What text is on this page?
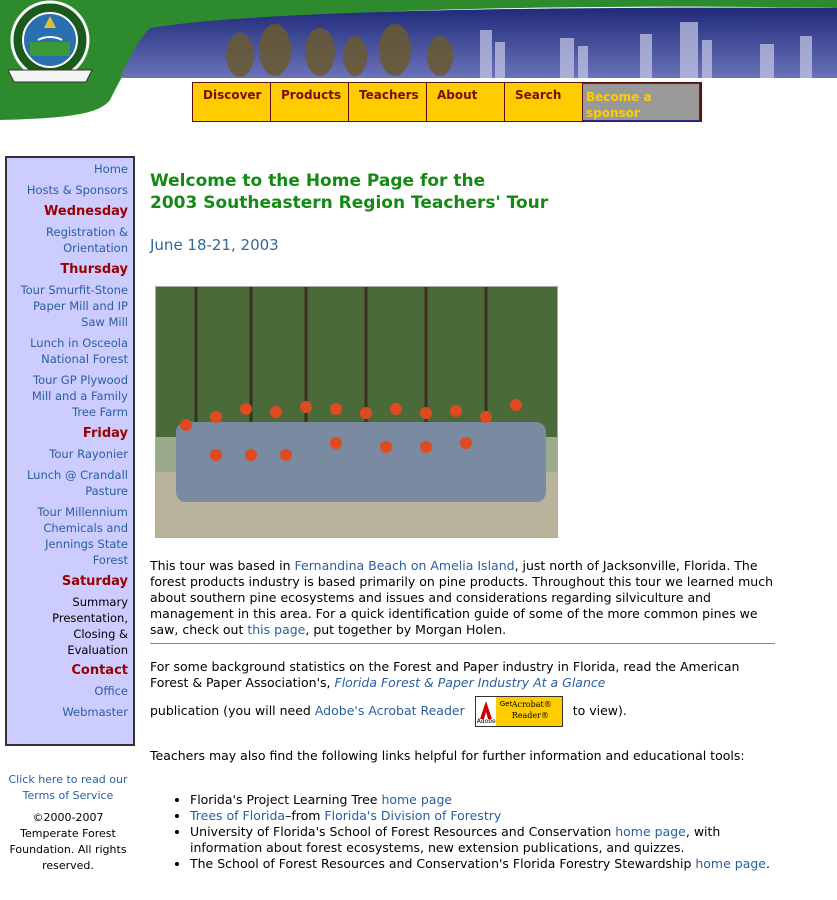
Discover	Products	Teachers	About	Search	Become a sponsor
Home
Hosts & Sponsors
Wednesday
Registration & Orientation
Thursday
Tour Smurfit-Stone Paper Mill and IP Saw Mill
Lunch in Osceola National Forest
Tour GP Plywood Mill and a Family Tree Farm
Friday
Tour Rayonier
Lunch @ Crandall Pasture
Tour Millennium Chemicals and Jennings State Forest
Saturday
Summary Presentation, Closing & Evaluation
Contact
Office
Webmaster
Click here to read our Terms of Service
©2000-2007 Temperate Forest Foundation. All rights reserved.
Welcome to the Home Page for the
2003 Southeastern Region Teachers' Tour
June 18-21, 2003
This tour was based in Fernandina Beach on Amelia Island, just north of Jacksonville, Florida. The forest products industry is based primarily on pine products. Throughout this tour we learned much about southern pine ecosystems and issues and considerations regarding silviculture and management in this area. For a quick identification guide of some of the more common pines we saw, check out this page, put together by Morgan Holen.
For some background statistics on the Forest and Paper industry in Florida, read the American Forest & Paper Association's, Florida Forest & Paper Industry At a Glance
publication (you will need Adobe's Acrobat Reader	Get Acrobat® Reader®
Adobe
to view).
Teachers may also find the following links helpful for further information and educational tools:
• Florida's Project Learning Tree home page
• Trees of Florida–from Florida's Division of Forestry
• University of Florida's School of Forest Resources and Conservation home page, with information about forest ecosystems, new extension publications, and quizzes.
• The School of Forest Resources and Conservation's Florida Forestry Stewardship home page.
